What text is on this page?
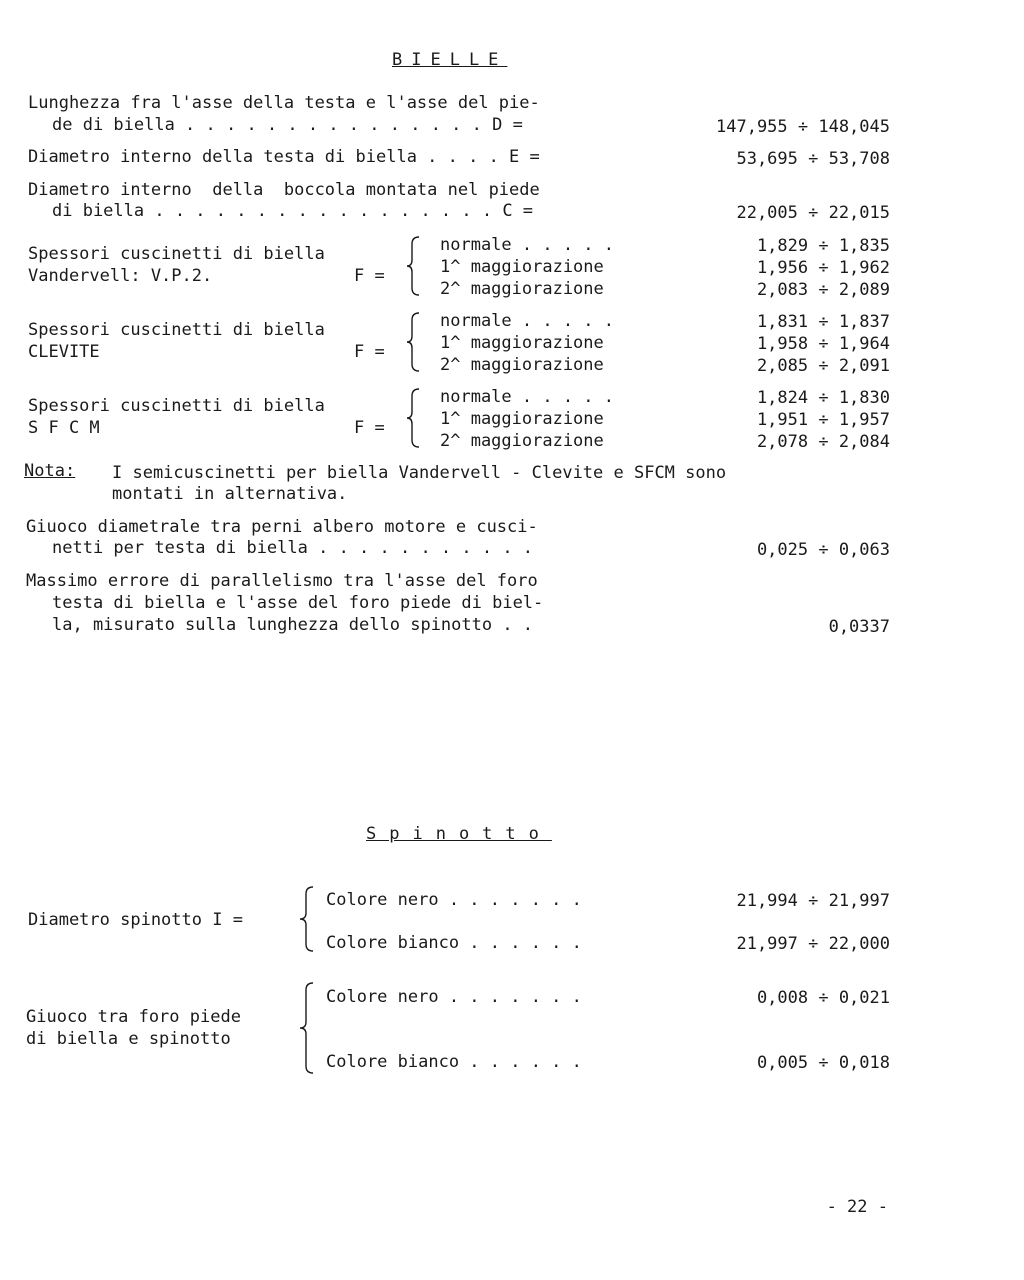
BIELLE
Lunghezza fra l'asse della testa e l'asse del pie-
de di biella . . . . . . . . . . . . . . . D =	147,955 ÷ 148,045
Diametro interno della testa di biella . . . . E =	53,695 ÷ 53,708
Diametro interno  della  boccola montata nel piede
di biella . . . . . . . . . . . . . . . . . C =	22,005 ÷ 22,015
Spessori cuscinetti di biella
Vandervell: V.P.2.	F =
normale . . . . .	1,829 ÷ 1,835
1^ maggiorazione	1,956 ÷ 1,962
2^ maggiorazione	2,083 ÷ 2,089
Spessori cuscinetti di biella
CLEVITE	F =
normale . . . . .	1,831 ÷ 1,837
1^ maggiorazione	1,958 ÷ 1,964
2^ maggiorazione	2,085 ÷ 2,091
Spessori cuscinetti di biella
S F C M	F =
normale . . . . .	1,824 ÷ 1,830
1^ maggiorazione	1,951 ÷ 1,957
2^ maggiorazione	2,078 ÷ 2,084
Nota: I semicuscinetti per biella Vandervell - Clevite e SFCM sono
montati in alternativa.
Giuoco diametrale tra perni albero motore e cusci-
netti per testa di biella . . . . . . . . . . .	0,025 ÷ 0,063
Massimo errore di parallelismo tra l'asse del foro
testa di biella e l'asse del foro piede di biel-
la, misurato sulla lunghezza dello spinotto . .	0,0337
Spinotto
Diametro spinotto I =
Colore nero . . . . . . .	21,994 ÷ 21,997
Colore bianco . . . . . .	21,997 ÷ 22,000
Giuoco tra foro piede
di biella e spinotto
Colore nero . . . . . . .	0,008 ÷ 0,021
Colore bianco . . . . . .	0,005 ÷ 0,018
- 22 -
